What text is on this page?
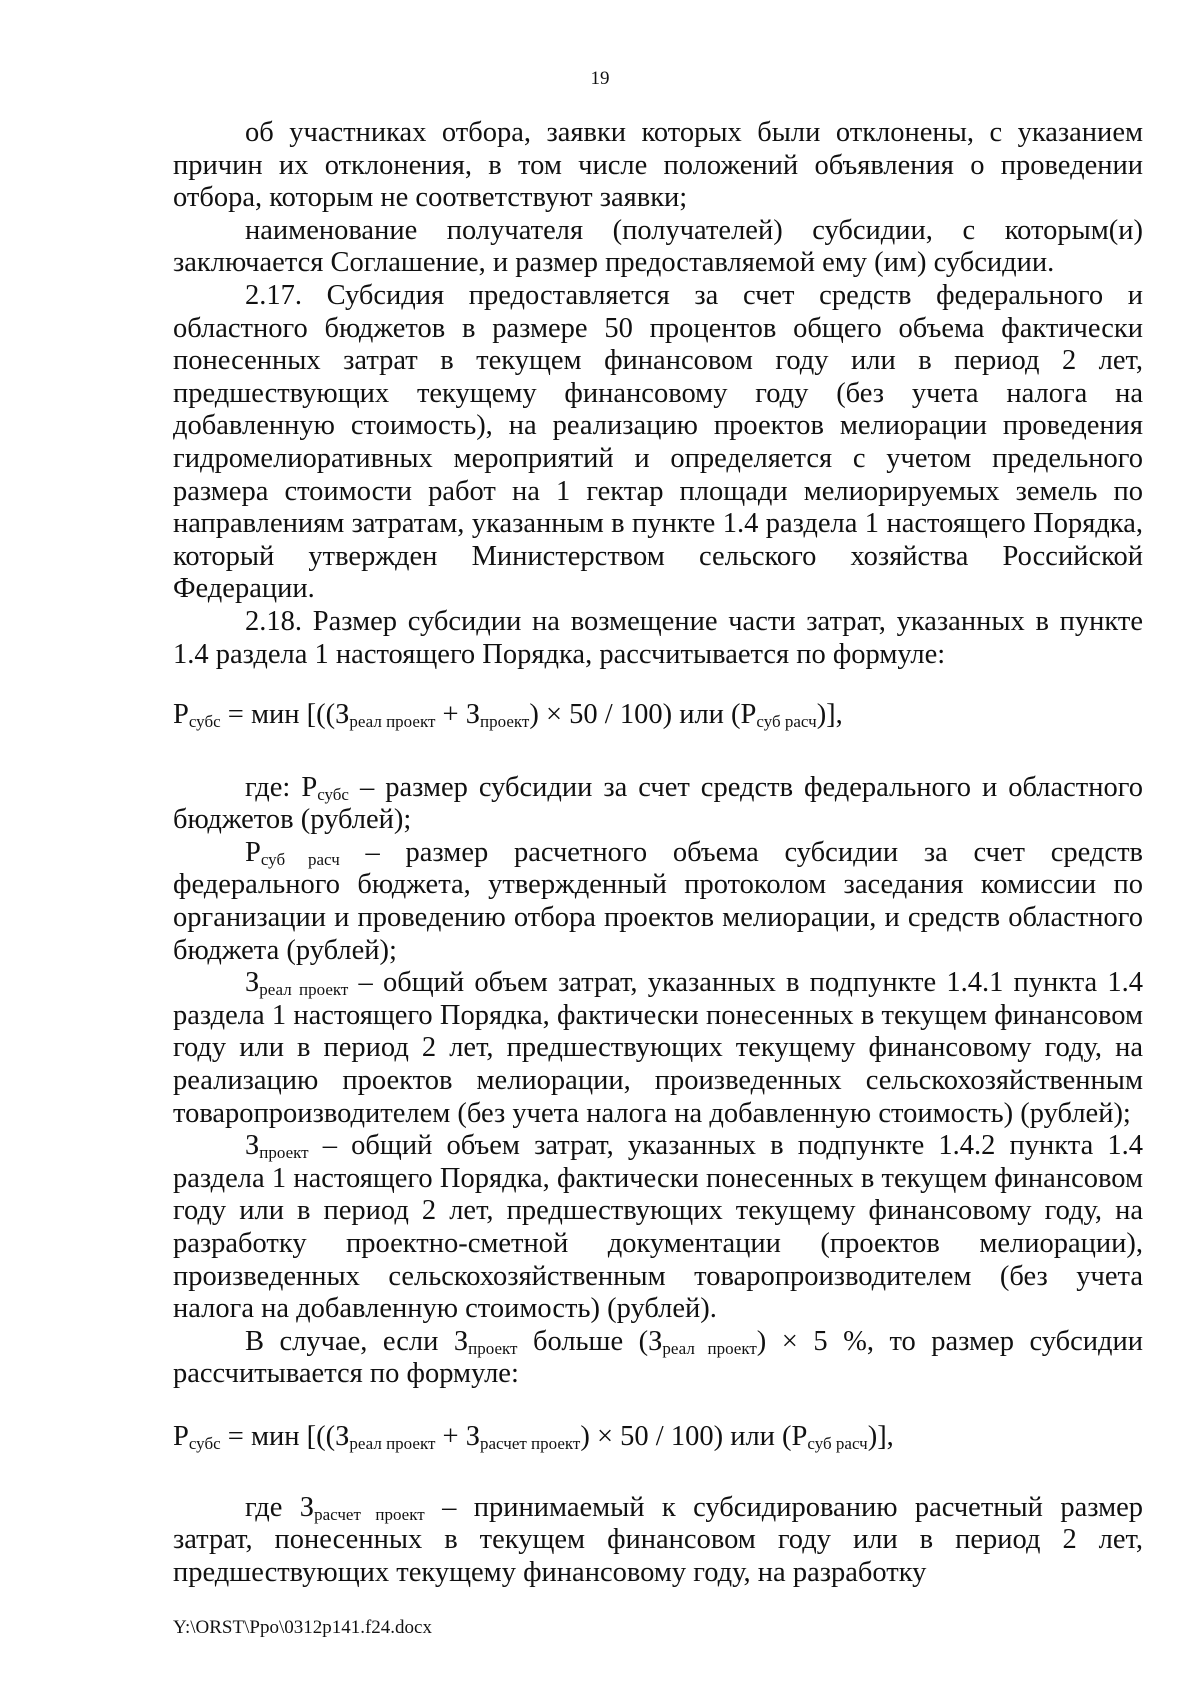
19

об участниках отбора, заявки которых были отклонены, с указанием причин их отклонения, в том числе положений объявления о проведении отбора, которым не соответствуют заявки;

наименование получателя (получателей) субсидии, с которым(и) заключается Соглашение, и размер предоставляемой ему (им) субсидии.

2.17. Субсидия предоставляется за счет средств федерального и областного бюджетов в размере 50 процентов общего объема фактически понесенных затрат в текущем финансовом году или в период 2 лет, предшествующих текущему финансовому году (без учета налога на добавленную стоимость), на реализацию проектов мелиорации проведения гидромелиоративных мероприятий и определяется с учетом предельного размера стоимости работ на 1 гектар площади мелиорируемых земель по направлениям затратам, указанным в пункте 1.4 раздела 1 настоящего Порядка, который утвержден Министерством сельского хозяйства Российской Федерации.

2.18. Размер субсидии на возмещение части затрат, указанных в пункте 1.4 раздела 1 настоящего Порядка, рассчитывается по формуле:

$Р_{субс}$ = мин [$((З_{реал проект} + З_{проект}) \times 50 / 100)$ или $(Р_{суб расч})$],

где: $Р_{субс}$ – размер субсидии за счет средств федерального и областного бюджетов (рублей);

$Р_{суб расч}$ – размер расчетного объема субсидии за счет средств федерального бюджета, утвержденный протоколом заседания комиссии по организации и проведению отбора проектов мелиорации, и средств областного бюджета (рублей);

$З_{реал проект}$ – общий объем затрат, указанных в подпункте 1.4.1 пункта 1.4 раздела 1 настоящего Порядка, фактически понесенных в текущем финансовом году или в период 2 лет, предшествующих текущему финансовому году, на реализацию проектов мелиорации, произведенных сельскохозяйственным товаропроизводителем (без учета налога на добавленную стоимость) (рублей);

$З_{проект}$ – общий объем затрат, указанных в подпункте 1.4.2 пункта 1.4 раздела 1 настоящего Порядка, фактически понесенных в текущем финансовом году или в период 2 лет, предшествующих текущему финансовому году, на разработку проектно-сметной документации (проектов мелиорации), произведенных сельскохозяйственным товаропроизводителем (без учета налога на добавленную стоимость) (рублей).

В случае, если $З_{проект}$ больше $(З_{реал проект}) \times 5$ %, то размер субсидии рассчитывается по формуле:

$Р_{субс}$ = мин [$((З_{реал проект} + З_{расчет проект}) \times 50 / 100)$ или $(Р_{суб расч})$],

где $З_{расчет проект}$ – принимаемый к субсидированию расчетный размер затрат, понесенных в текущем финансовом году или в период 2 лет, предшествующих текущему финансовому году, на разработку

Y:\ORST\Ppo\0312p141.f24.docx
